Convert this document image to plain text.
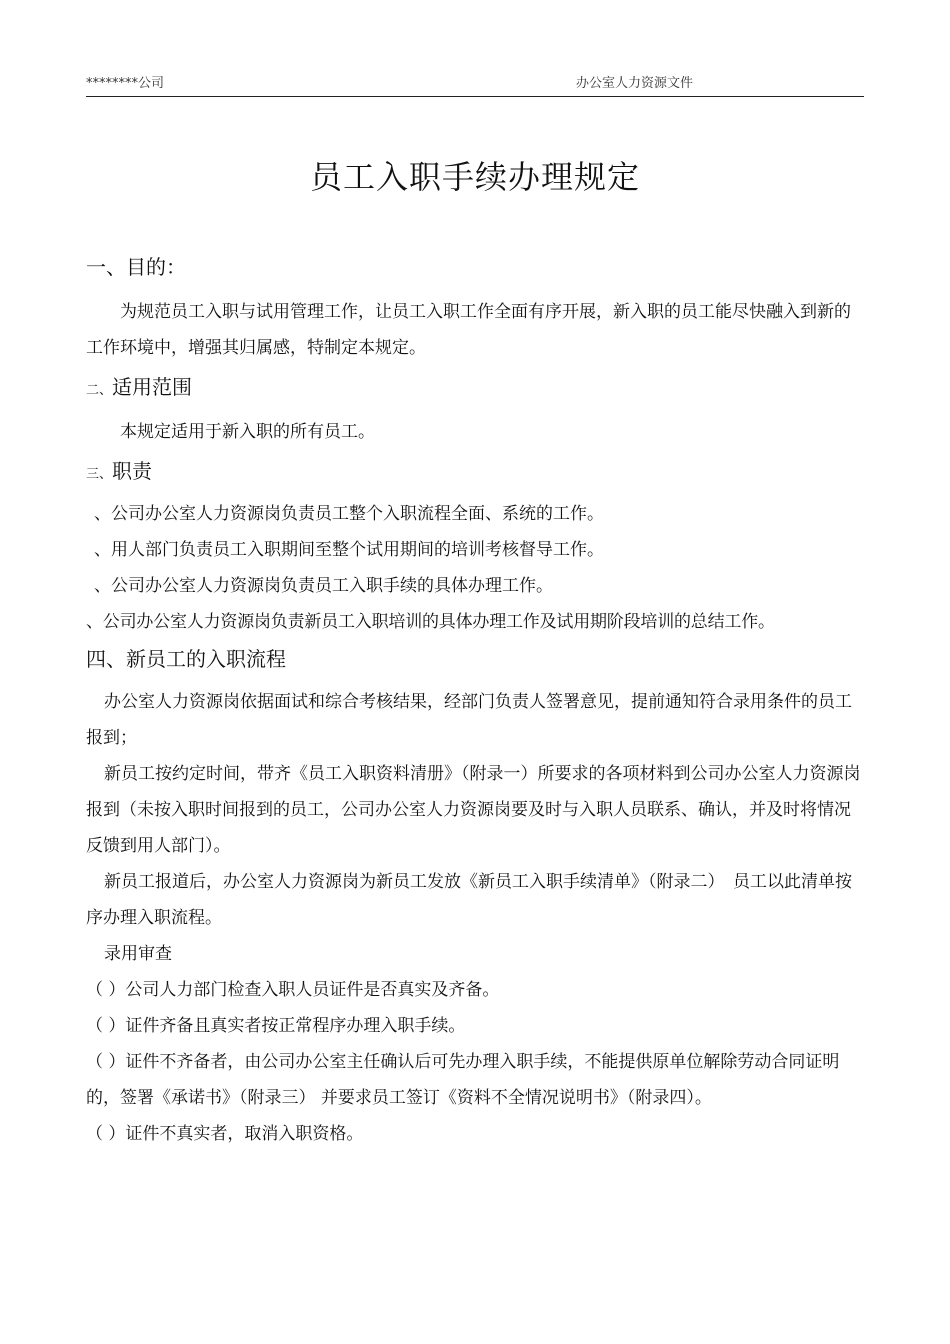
********公司	办公室人力资源文件
员工入职手续办理规定

一、目的：

为规范员工入职与试用管理工作，让员工入职工作全面有序开展，新入职的员工能尽快融入到新的工作环境中，增强其归属感，特制定本规定。

二、适用范围

本规定适用于新入职的所有员工。

三、职责

、公司办公室人力资源岗负责员工整个入职流程全面、系统的工作。

、用人部门负责员工入职期间至整个试用期间的培训考核督导工作。

、公司办公室人力资源岗负责员工入职手续的具体办理工作。

、公司办公室人力资源岗负责新员工入职培训的具体办理工作及试用期阶段培训的总结工作。

四、新员工的入职流程

办公室人力资源岗依据面试和综合考核结果，经部门负责人签署意见，提前通知符合录用条件的员工报到；

新员工按约定时间，带齐《员工入职资料清册》（附录一）所要求的各项材料到公司办公室人力资源岗报到（未按入职时间报到的员工，公司办公室人力资源岗要及时与入职人员联系、确认，并及时将情况反馈到用人部门）。

新员工报道后，办公室人力资源岗为新员工发放《新员工入职手续清单》（附录二）　员工以此清单按序办理入职流程。

录用审查

（ ）公司人力部门检查入职人员证件是否真实及齐备。

（ ）证件齐备且真实者按正常程序办理入职手续。

（ ）证件不齐备者，由公司办公室主任确认后可先办理入职手续，不能提供原单位解除劳动合同证明的，签署《承诺书》（附录三） 并要求员工签订《资料不全情况说明书》（附录四）。

（ ）证件不真实者，取消入职资格。
